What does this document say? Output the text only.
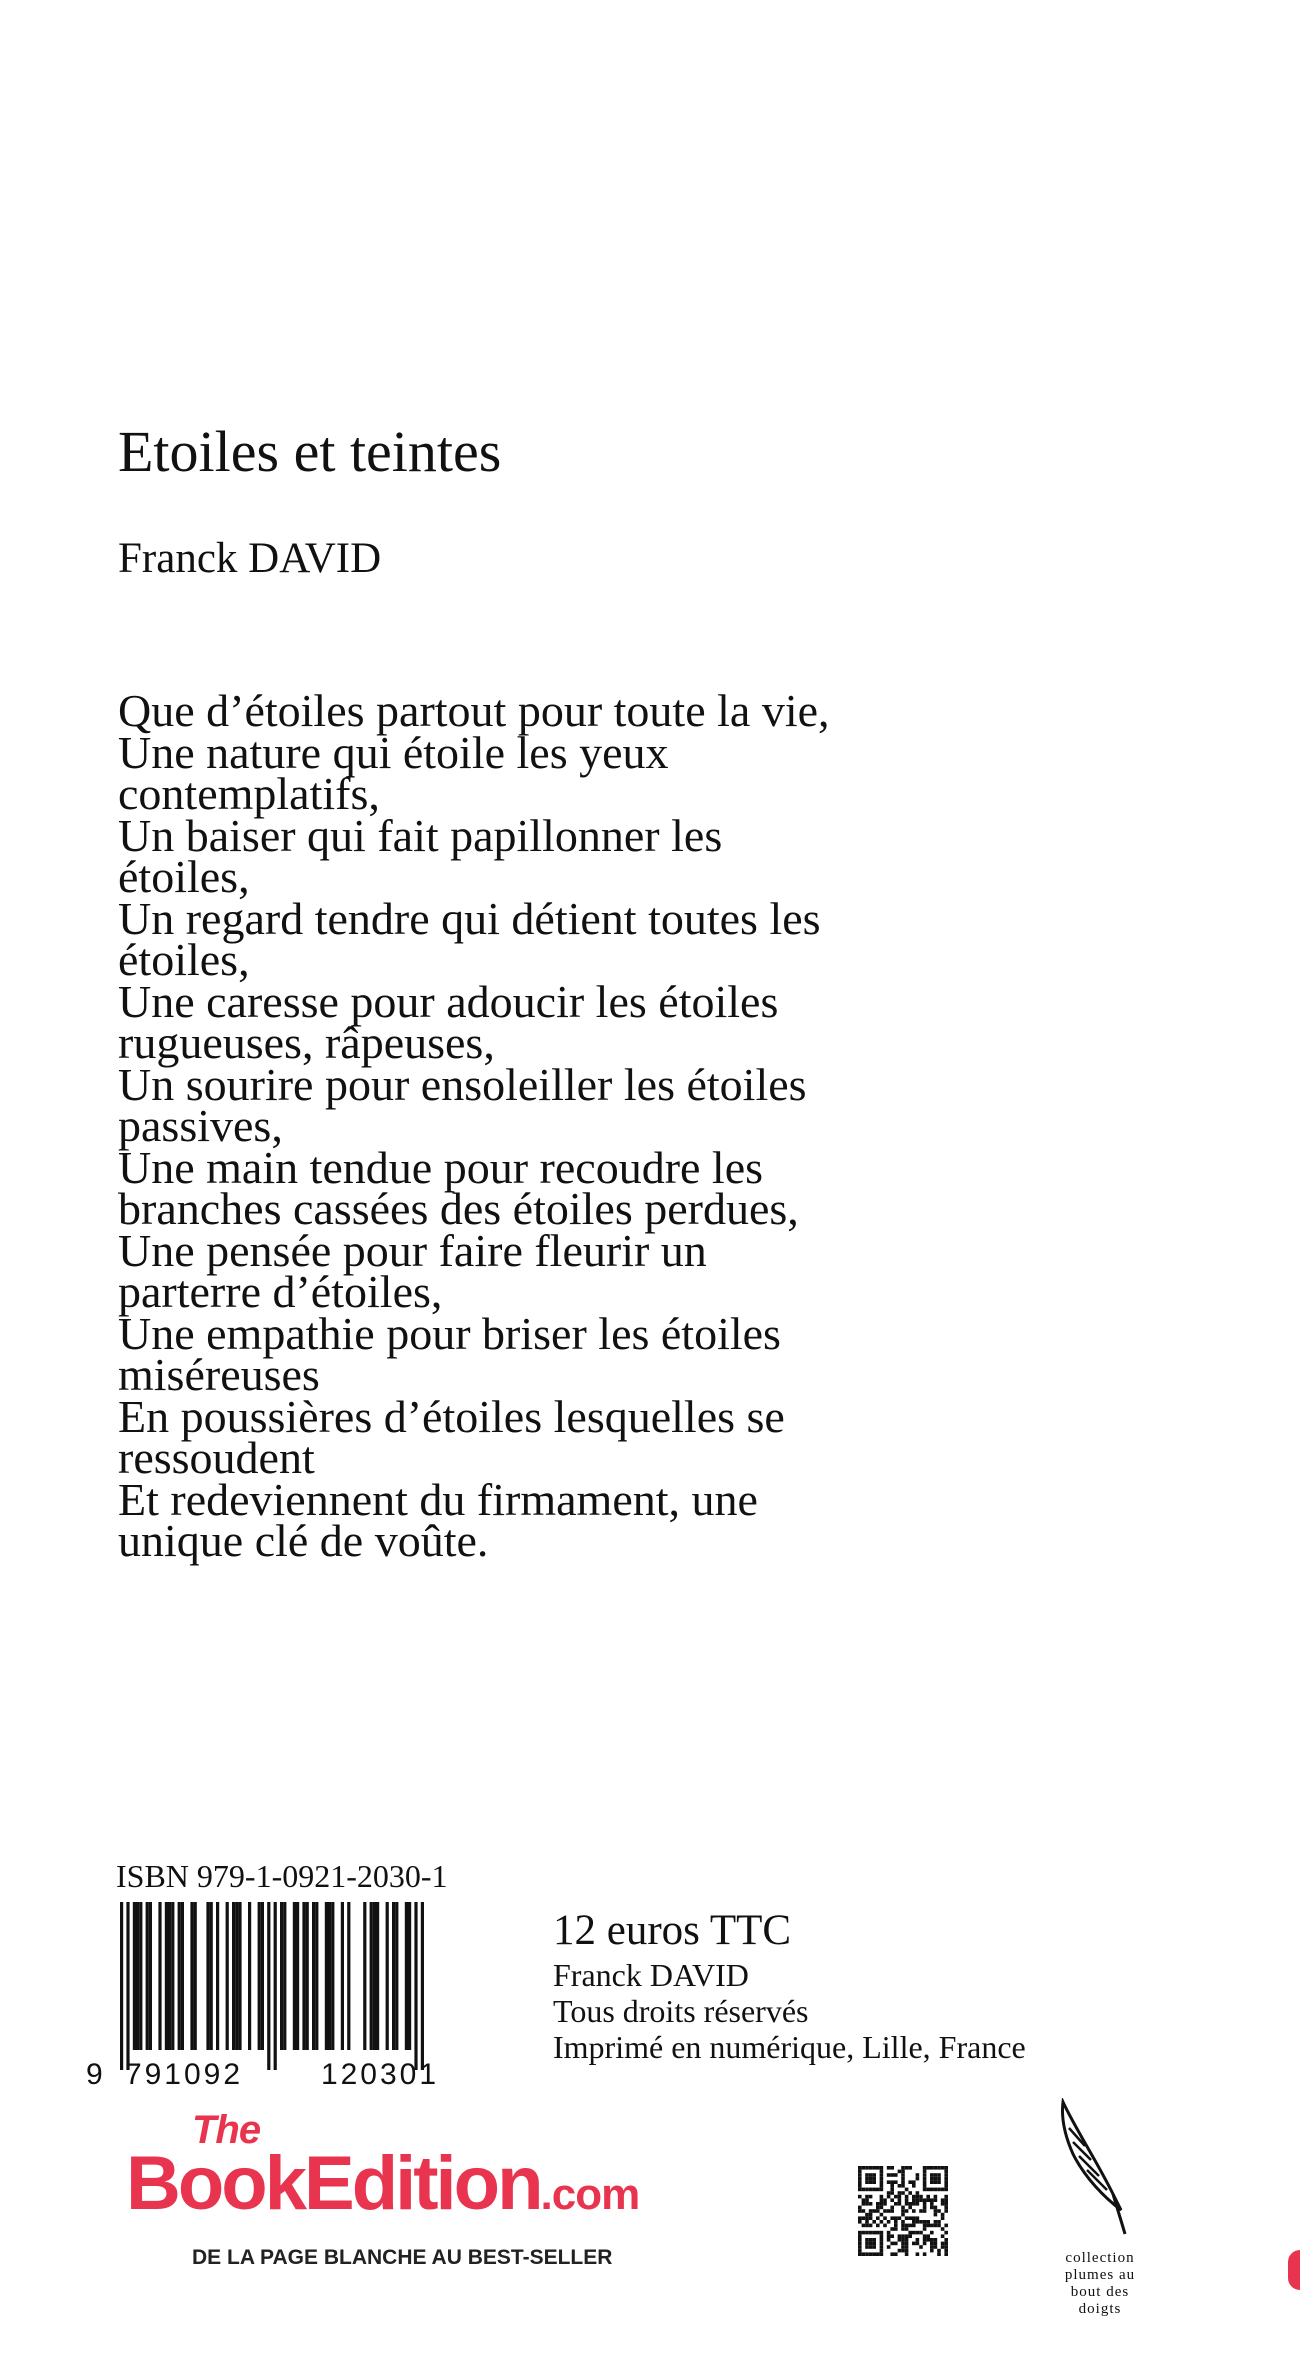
Etoiles et teintes
Franck DAVID
Que d’étoiles partout pour toute la vie,
Une nature qui étoile les yeux
contemplatifs,
Un baiser qui fait papillonner les
étoiles,
Un regard tendre qui détient toutes les
étoiles,
Une caresse pour adoucir les étoiles
rugueuses, râpeuses,
Un sourire pour ensoleiller les étoiles
passives,
Une main tendue pour recoudre les
branches cassées des étoiles perdues,
Une pensée pour faire fleurir un
parterre d’étoiles,
Une empathie pour briser les étoiles
miséreuses
En poussières d’étoiles lesquelles se
ressoudent
Et redeviennent du firmament, une
unique clé de voûte.
ISBN 979-1-0921-2030-1
9 791092	120301
12 euros TTC
Franck DAVID
Tous droits réservés
Imprimé en numérique, Lille, France
The
BookEdition.com
DE LA PAGE BLANCHE AU BEST-SELLER	collection
plumes au
bout des
doigts
